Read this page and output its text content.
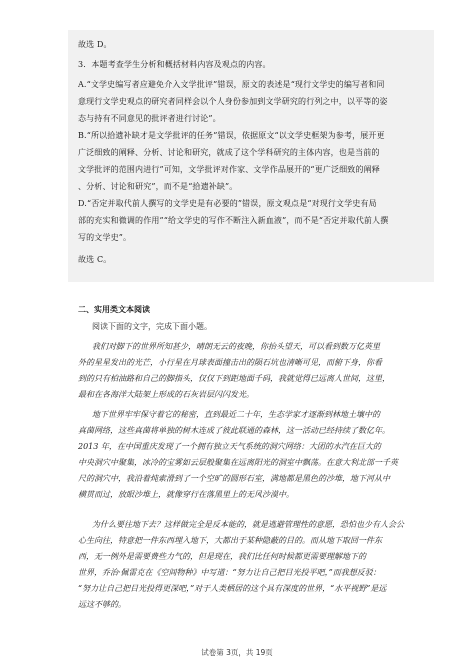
故选 D。
3．本题考查学生分析和概括材料内容及观点的内容。
A.“文学史编写者应避免介入文学批评”错误，原文的表述是“现行文学史的编写者和同
意现行文学史观点的研究者同样会以个人身份参加到文学研究的行列之中，以平等的姿
态与持有不同意见的批评者进行讨论”。
B.“所以拾遗补缺才是文学批评的任务”错误，依据原文“以文学史框架为参考，展开更
广泛细致的阐释、分析、讨论和研究，就成了这个学科研究的主体内容，也是当前的
文学批评的范围内进行”可知，文学批评对作家、文学作品展开的“更广泛细致的阐释
、分析、讨论和研究”，而不是“拾遗补缺”。
D.“否定并取代前人撰写的文学史是有必要的”错误，原文观点是“对现行文学史有局
部的充实和微调的作用”“给文学史的写作不断注入新血液”，而不是“否定并取代前人撰
写的文学史”。
故选 C。
二、实用类文本阅读
阅读下面的文字，完成下面小题。
我们对脚下的世界所知甚少，晴朗无云的夜晚，你抬头望天，可以看到数万亿英里
外的星星发出的光芒，小行星在月球表面撞击出的陨石坑也清晰可见，而俯下身，你看
到的只有柏油路和自己的脚指头，仅仅下到距地面千码，我就觉得已远离人世间，这里，
最和在各海洋大陆架上形成的石灰岩层闪闪发光。
地下世界牢牢保守着它的秘密，直到最近二十年，生态学家才逐渐到林地土壤中的
真菌网络，这些真菌将单独的树木连成了彼此联通的森林，这一活动已经持续了数亿年。
2013 年，在中国重庆发现了一个拥有独立天气系统的洞穴网络：大团的水汽在巨大的
中央洞穴中聚集，冰冷的宝雾如云层般聚集在远离阳光的洞室中飘荡。在意大利北部一千英
尺的洞穴中，我沿着炖索滑到了一个空旷的圆形石室，满地都是黑色的沙堆，地下河从中
横贯而过，放眼沙堆上，就像穿行在落黑里上的无风沙漠中。
为什么要往地下去？这样做完全是反本能的，就是逃避管理性的意愿，恐怕也少有人会公
心生向往，特意把一件东西埋入地下，大都出于某种隐蔽的目的。而从地下取回一件东
西，无一例外是需要费些力气的，但是现在，我们比任何时候都更需要理解地下的
世界，乔治·佩雷克在《空间物种》中写道：“努力让自己把目光投平吧，”而我想反驳：
“努力让自己把目光投得更深吧，”对于人类栖居的这个具有深度的世界，“水平视野”是远
远这不够的。
试卷第 3页，共 19页
